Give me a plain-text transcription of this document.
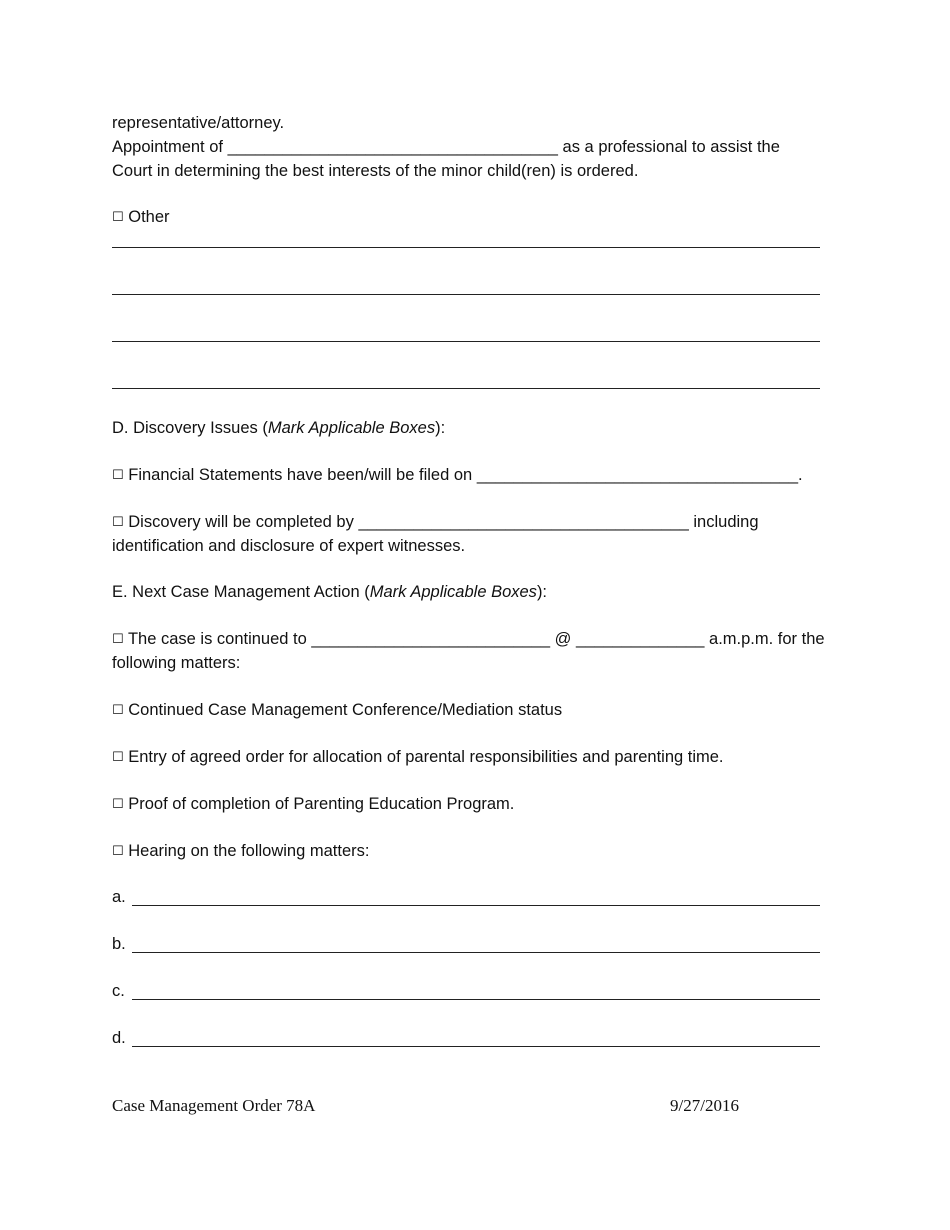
representative/attorney.
Appointment of ____________________________________ as a professional to assist the
Court in determining the best interests of the minor child(ren) is ordered.
☐ Other
D. Discovery Issues (Mark Applicable Boxes):
☐ Financial Statements have been/will be filed on ___________________________________.
☐ Discovery will be completed by ____________________________________ including
identification and disclosure of expert witnesses.
E. Next Case Management Action (Mark Applicable Boxes):
☐ The case is continued to __________________________ @ ______________ a.m.p.m. for the
following matters:
☐ Continued Case Management Conference/Mediation status
☐ Entry of agreed order for allocation of parental responsibilities and parenting time.
☐ Proof of completion of Parenting Education Program.
☐ Hearing on the following matters:
a.
b.
c.
d.
Case Management Order 78A	9/27/2016
